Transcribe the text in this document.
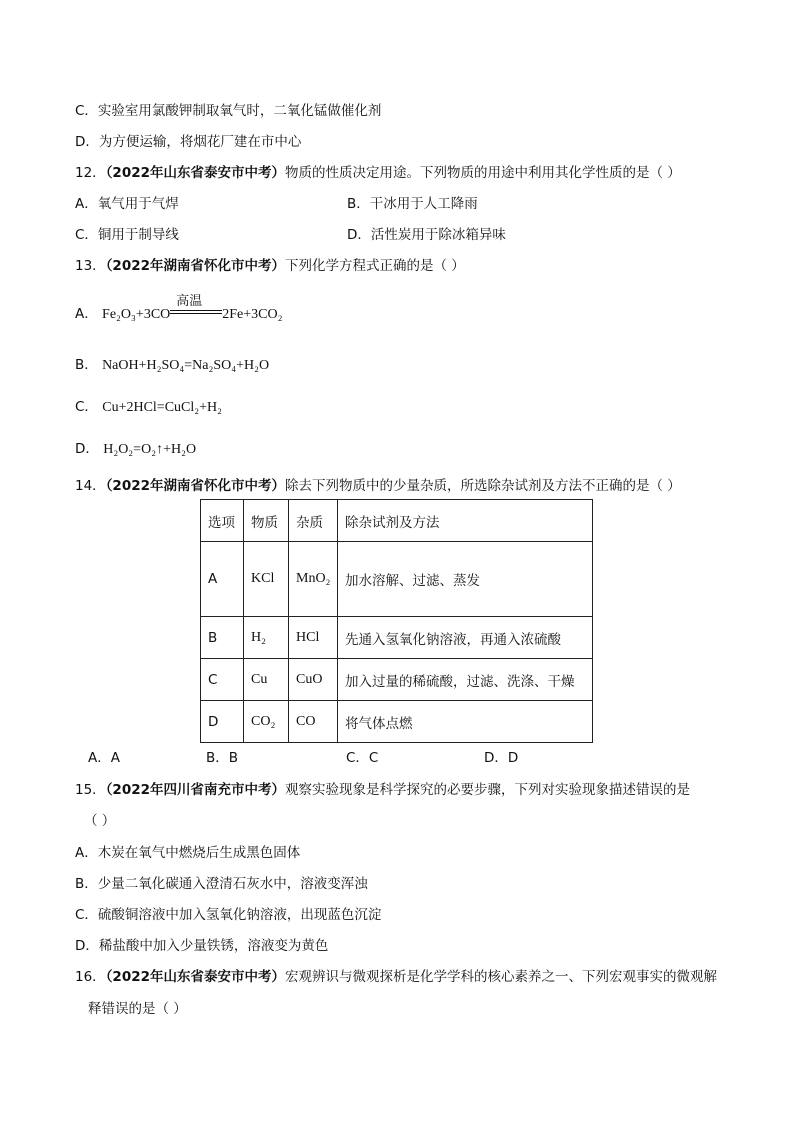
C．实验室用氯酸钾制取氧气时，二氧化锰做催化剂
D．为方便运输，将烟花厂建在市中心
12．（2022年山东省泰安市中考）物质的性质决定用途。下列物质的用途中利用其化学性质的是（ ）
A．氧气用于气焊	B．干冰用于人工降雨
C．铜用于制导线	D．活性炭用于除冰箱异味
13．（2022年湖南省怀化市中考）下列化学方程式正确的是（ ）
A． Fe₂O₃+3CO
高温
2Fe+3CO₂
B． NaOH+H₂SO₄=Na₂SO₄+H₂O
C． Cu+2HCl=CuCl₂+H₂
D． H₂O₂=O₂↑+H₂O
14．（2022年湖南省怀化市中考）除去下列物质中的少量杂质，所选除杂试剂及方法不正确的是（ ）
选项	物质	杂质	除杂试剂及方法
A	KCl	MnO₂	加水溶解、过滤、蒸发
B	H₂	HCl	先通入氢氧化钠溶液，再通入浓硫酸
C	Cu	CuO	加入过量的稀硫酸，过滤、洗涤、干燥
D	CO₂	CO	将气体点燃
A．A	B．B	C．C	D．D
15．（2022年四川省南充市中考）观察实验现象是科学探究的必要步骤，下列对实验现象描述错误的是
（ ）
A．木炭在氧气中燃烧后生成黑色固体
B．少量二氧化碳通入澄清石灰水中，溶液变浑浊
C．硫酸铜溶液中加入氢氧化钠溶液，出现蓝色沉淀
D．稀盐酸中加入少量铁锈，溶液变为黄色
16．（2022年山东省泰安市中考）宏观辨识与微观探析是化学学科的核心素养之一、下列宏观事实的微观解
释错误的是（ ）
